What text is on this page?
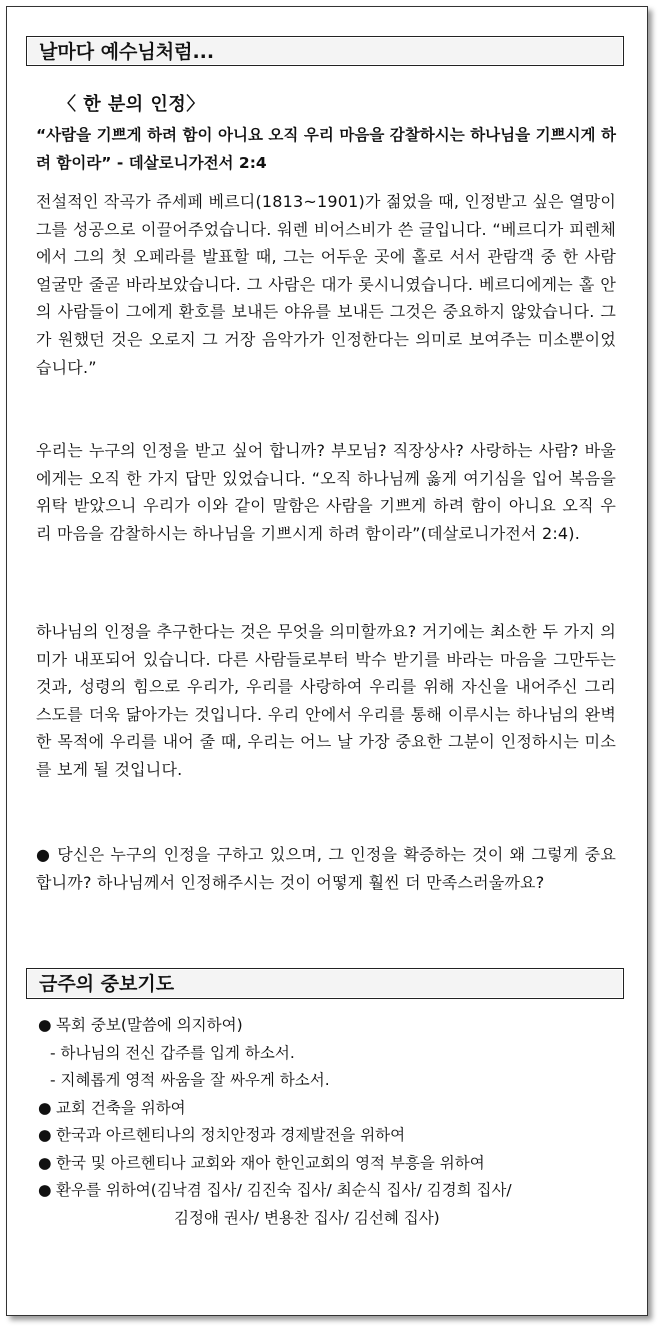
날마다 예수님처럼...
〈 한 분의 인정〉
“사람을 기쁘게 하려 함이 아니요 오직 우리 마음을 감찰하시는 하나님을 기쁘시게 하려 함이라” - 데살로니가전서 2:4
전설적인 작곡가 쥬세페 베르디(1813~1901)가 젊었을 때, 인정받고 싶은 열망이 그를 성공으로 이끌어주었습니다. 워렌 비어스비가 쓴 글입니다. “베르디가 피렌체에서 그의 첫 오페라를 발표할 때, 그는 어두운 곳에 홀로 서서 관람객 중 한 사람 얼굴만 줄곧 바라보았습니다. 그 사람은 대가 롯시니였습니다. 베르디에게는 홀 안의 사람들이 그에게 환호를 보내든 야유를 보내든 그것은 중요하지 않았습니다. 그가 원했던 것은 오로지 그 거장 음악가가 인정한다는 의미로 보여주는 미소뿐이었습니다.”
우리는 누구의 인정을 받고 싶어 합니까? 부모님? 직장상사? 사랑하는 사람? 바울에게는 오직 한 가지 답만 있었습니다. “오직 하나님께 옳게 여기심을 입어 복음을 위탁 받았으니 우리가 이와 같이 말함은 사람을 기쁘게 하려 함이 아니요 오직 우리 마음을 감찰하시는 하나님을 기쁘시게 하려 함이라”(데살로니가전서 2:4).
하나님의 인정을 추구한다는 것은 무엇을 의미할까요? 거기에는 최소한 두 가지 의미가 내포되어 있습니다. 다른 사람들로부터 박수 받기를 바라는 마음을 그만두는 것과, 성령의 힘으로 우리가, 우리를 사랑하여 우리를 위해 자신을 내어주신 그리스도를 더욱 닮아가는 것입니다. 우리 안에서 우리를 통해 이루시는 하나님의 완벽한 목적에 우리를 내어 줄 때, 우리는 어느 날 가장 중요한 그분이 인정하시는 미소를 보게 될 것입니다.
● 당신은 누구의 인정을 구하고 있으며, 그 인정을 확증하는 것이 왜 그렇게 중요합니까? 하나님께서 인정해주시는 것이 어떻게 훨씬 더 만족스러울까요?
금주의 중보기도
● 목회 중보(말씀에 의지하여)
- 하나님의 전신 갑주를 입게 하소서.
- 지혜롭게 영적 싸움을 잘 싸우게 하소서.
● 교회 건축을 위하여
● 한국과 아르헨티나의 정치안정과 경제발전을 위하여
● 한국 및 아르헨티나 교회와 재아 한인교회의 영적 부흥을 위하여
● 환우를 위하여(김낙겸 집사/ 김진숙 집사/ 최순식 집사/ 김경희 집사/
김정애 권사/ 변용찬 집사/ 김선혜 집사)
